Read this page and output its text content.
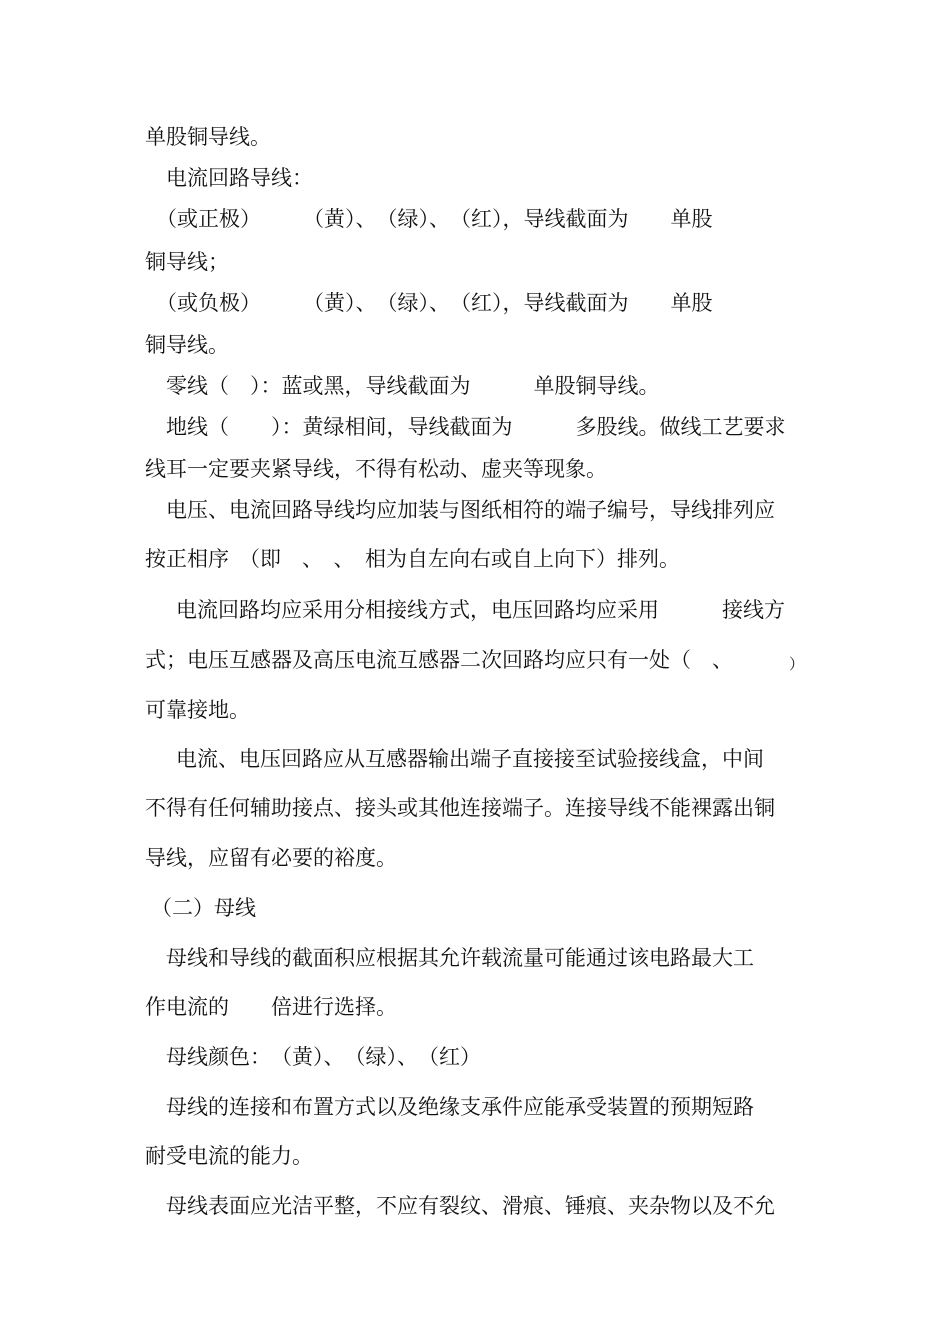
单股铜导线。
电流回路导线：
（或正极）　　　（黄）、　（绿）、　（红），导线截面为　　单股
铜导线；
（或负极）　　　（黄）、　（绿）、　（红），导线截面为　　单股
铜导线。
零线（　）：蓝或黑，导线截面为　　　单股铜导线。
地线（　　）：黄绿相间，导线截面为　　　多股线。做线工艺要求
线耳一定要夹紧导线，不得有松动、虚夹等现象。
电压、电流回路导线均应加装与图纸相符的端子编号，导线排列应
按正相序 （即　、　、　相为自左向右或自上向下）排列。
电流回路均应采用分相接线方式，电压回路均应采用　　　接线方
式；电压互感器及高压电流互感器二次回路均应只有一处（　、　	）
可靠接地。
电流、电压回路应从互感器输出端子直接接至试验接线盒，中间
不得有任何辅助接点、接头或其他连接端子。连接导线不能裸露出铜
导线，应留有必要的裕度。
（二）母线
母线和导线的截面积应根据其允许载流量可能通过该电路最大工
作电流的　　倍进行选择。
母线颜色：　（黄）、　（绿）、　（红）
母线的连接和布置方式以及绝缘支承件应能承受装置的预期短路
耐受电流的能力。
母线表面应光洁平整，不应有裂纹、滑痕、锤痕、夹杂物以及不允
